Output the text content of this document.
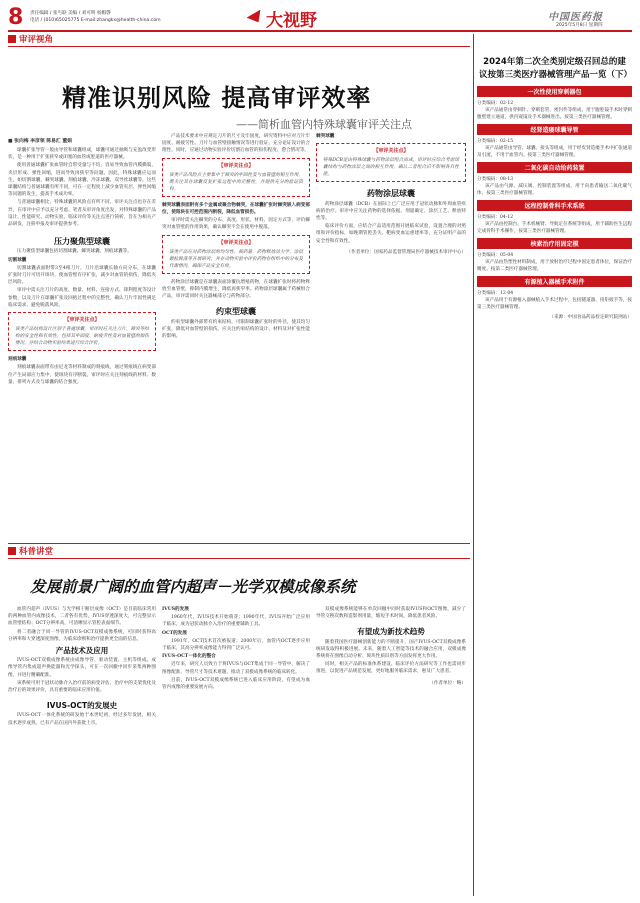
8 责任编辑 / 张丐联 美编 / 刘可明 杨帽磬
电话 / (010)65025775 E-mail:zhangkx@health-china.com	大视野	中国医药报
2025年5月8日 星期四
审评视角
精准识别风险 提高审评效率
——简析血管内特殊球囊审评关注点
■ 张向梅 李彦领 陈易汇 董娟

球囊扩张导管一般由导管和球囊组成，球囊可通过抽吸与充盈改变形状，是一种用于扩张狭窄或闭塞的血管或腔道的医疗器械。

使用普通球囊扩张血管时自带受量与不均，容易导致血管内膜撕裂、夹层形成、弹性回缩，进而导致再狭窄等问题。因此，特殊球囊应运而生，如切割球囊、棘突球囊、刻痕球囊、冷冻球囊、双导丝球囊等。这些球囊结构与普通球囊有所不同，可在一定程度上减少血管夹层、弹性回缩等问题的发生，提高手术成功率。

与普通球囊相比，特殊球囊的风险点有所不同，审评关注点也存在差异，在审评中应予以充分考虑。笔者从审评角度出发，对特殊球囊的产品设计、性能研究、动物实验、临床评价等关注点进行简析，旨在为相关产品研发、注册申报及审评提供参考。

压力聚焦型球囊

压力聚焦型球囊包括切割球囊、棘突球囊、刻痕球囊等。

切割球囊

切割球囊表面附带3至4根刀片，刀片沿球囊长轴方向分布，在球囊扩张时刀片可切开斑块，使血管壁有序扩张，减少对血管的损伤，降低夹层风险。

审评中需关注刀片的高度、数量、材料、连接方式、锋利程度等设计参数，以及刀片在球囊扩张及回抱过程中的完整性，确认刀片牢固性满足临床需求，避免脱落风险。

【审评关注点】
该类产品结构设计区别于普通球囊，审评时应关注刀片、棘突等结构的安全性和有效性，包括其牢固度、耐疲劳性及对血管壁的损伤情况，并结合动物实验结果进行综合评价。

刻痕球囊

刻痕球囊表面带有由尼龙等材料制成的刻痕线，通过刻痕线在病变部位产生局部应力集中，使斑块有序断裂。审评时应关注刻痕线的材料、数量、排列方式及与球囊的结合强度。

产品技术要求中应规定刀片的尺寸及牢固度，研究资料中应对刀片牢固度、耐疲劳性、刀片与血管壁接触情况等进行验证，充分论证设计的合理性。同时，应通过动物实验评价切割后血管的损伤程度、愈合情况等。

【审评关注点】
该类产品风险点主要集中于棘突的牢固性及与血管壁的相互作用，需关注其在球囊反复扩张过程中的完整性，并提供充分的验证资料。

棘突球囊表面附有多个金属或聚合物棘突，在球囊扩张时棘突嵌入病变部位，使斑块在可控范围内断裂，降低血管损伤。

审评时需关注棘突的分布、高度、形状、材料、固定方式等，评价棘突对血管壁的作用效果，确认棘突不会在使用中脱落。

【审评关注点】
该类产品应对药物涂层的均匀性、载药量、药物释放动力学、涂层微粒脱落等开展研究，并在动物实验中评价药物在组织中的分布及代谢情况，确保产品安全有效。

药物涂层球囊是在球囊表面涂覆抗增殖药物，在球囊扩张时将药物释放至血管壁，抑制内膜增生，降低再狭窄率。药物涂层球囊属于药械组合产品，审评需同时关注器械部分与药物部分。

约束型球囊

约束型球囊外部带有约束结构，可限制球囊扩张时的外径，使其均匀扩张，降低对血管壁的损伤。应关注约束结构的设计、材料及对扩张性能的影响。

棘突球囊

【审评关注点】
特殊DCB是由特殊球囊与药物涂层组合而成，审评时应综合考虑球囊结构与药物涂层之间的相互作用，确认二者组合后不影响各自性能。
药物涂层球囊

药物涂层球囊（DCB）在国际上已广泛应用于冠状动脉和外周血管疾病的治疗。审评中应关注药物的选择依据、剂量确定、涂层工艺、释放特性等。

临床评价方面，应结合产品适用范围开展临床试验，设置合理的对照组和评价指标，如晚期管腔丢失、靶病变血运重建率等，充分证明产品的安全性和有效性。

（作者单位：国家药品监督管理局医疗器械技术审评中心）

科普讲堂
发展前景广阔的血管内超声－光学双模成像系统

血管内超声（IVUS）与光学相干断层成像（OCT）是目前临床常用的两种血管内成像技术，二者各有优势。IVUS穿透深度大，可完整显示血管壁结构；OCT分辨率高，可清晰显示管腔表面细节。

将二者融合于同一导管的IVUS-OCT双模成像系统，可同时获得高分辨率和大穿透深度图像，为临床诊断和治疗提供更全面的信息。

产品技术及应用

IVUS-OCT双模成像系统由成像导管、驱动装置、主机等组成。成像导管内集成超声换能器和光学探头，可在一次回撤中同步采集两种图像，并进行精确配准。

该系统可用于冠状动脉介入治疗前的病变评估、治疗中的支架优化及治疗后的效果评价，具有重要的临床应用价值。

IVUS-OCT的发展史

IVUS-OCT一体化系统的研发始于本世纪初，经过多年发展，相关技术逐步成熟，已有产品在国内外获批上市。

IVUS的发展

1960年代，IVUS技术开始萌芽；1990年代，IVUS开始广泛应用于临床，成为冠状动脉介入治疗的重要辅助工具。

OCT的发展

1991年，OCT技术首次被报道；2000年后，血管内OCT逐步应用于临床，其高分辨率成像能力得到广泛认可。

IVUS-OCT一体化的整合

近年来，研究人员致力于将IVUS与OCT集成于同一导管中，解决了图像配准、导管尺寸等技术难题，推动了双模成像系统的临床转化。

目前，IVUS-OCT双模成像系统已进入临床应用阶段，有望成为血管内成像的重要发展方向。

双模成像系统能够在单次回撤中同时获取IVUS和OCT图像，减少了导管交换次数和造影剂用量，缩短手术时间，降低患者风险。

有望成为新技术趋势

随着我国医疗器械创新能力的不断提升，国产IVUS-OCT双模成像系统研发取得积极进展。未来，随着人工智能等技术的融合应用，双模成像系统将在图像自动分析、斑块性质识别等方面发挥更大作用。

同时，相关产品的标准体系建设、临床评价方法研究等工作也需同步推进，以促进产品规范发展，更好地服务临床需求，惠及广大患者。

（作者单位：略）

2024年第二次全类别定级召回总的建议按第三类医疗器械管理产品一览（下）
一次性使用穿刺器包
分类编码：02-12
该产品通常由穿刺针、穿刺套管、密封件等组成，用于腹腔镜手术时穿刺腹壁建立通道，供内窥镜及手术器械进出。按第三类医疗器械管理。
经肾造瘘球囊导管
分类编码：02-15
该产品通常由导管、球囊、接头等组成，用于经皮肾造瘘手术中扩张通道及引流，不用于血管内。按第三类医疗器械管理。
二氧化碳自动给药装置
分类编码：08-13
该产品由气源、减压阀、控制装置等组成，用于向患者输送二氧化碳气体，按第三类医疗器械管理。
远程控制骨科手术系统
分类编码：04-12
该产品由控制台、手术机械臂、导航定位系统等组成，用于辅助医生远程完成骨科手术操作，按第三类医疗器械管理。
核素治疗用固定模
分类编码：05-04
该产品由热塑性材料制成，用于放射治疗过程中固定患者体位，保证治疗精度。按第二类医疗器械管理。
有源植入器械手术附件
分类编码：12-04
该产品用于有源植入器械植入手术过程中，包括隧道器、扭矩扳手等，按第三类医疗器械管理。
（来源：中国食品药品检定研究院网站）
